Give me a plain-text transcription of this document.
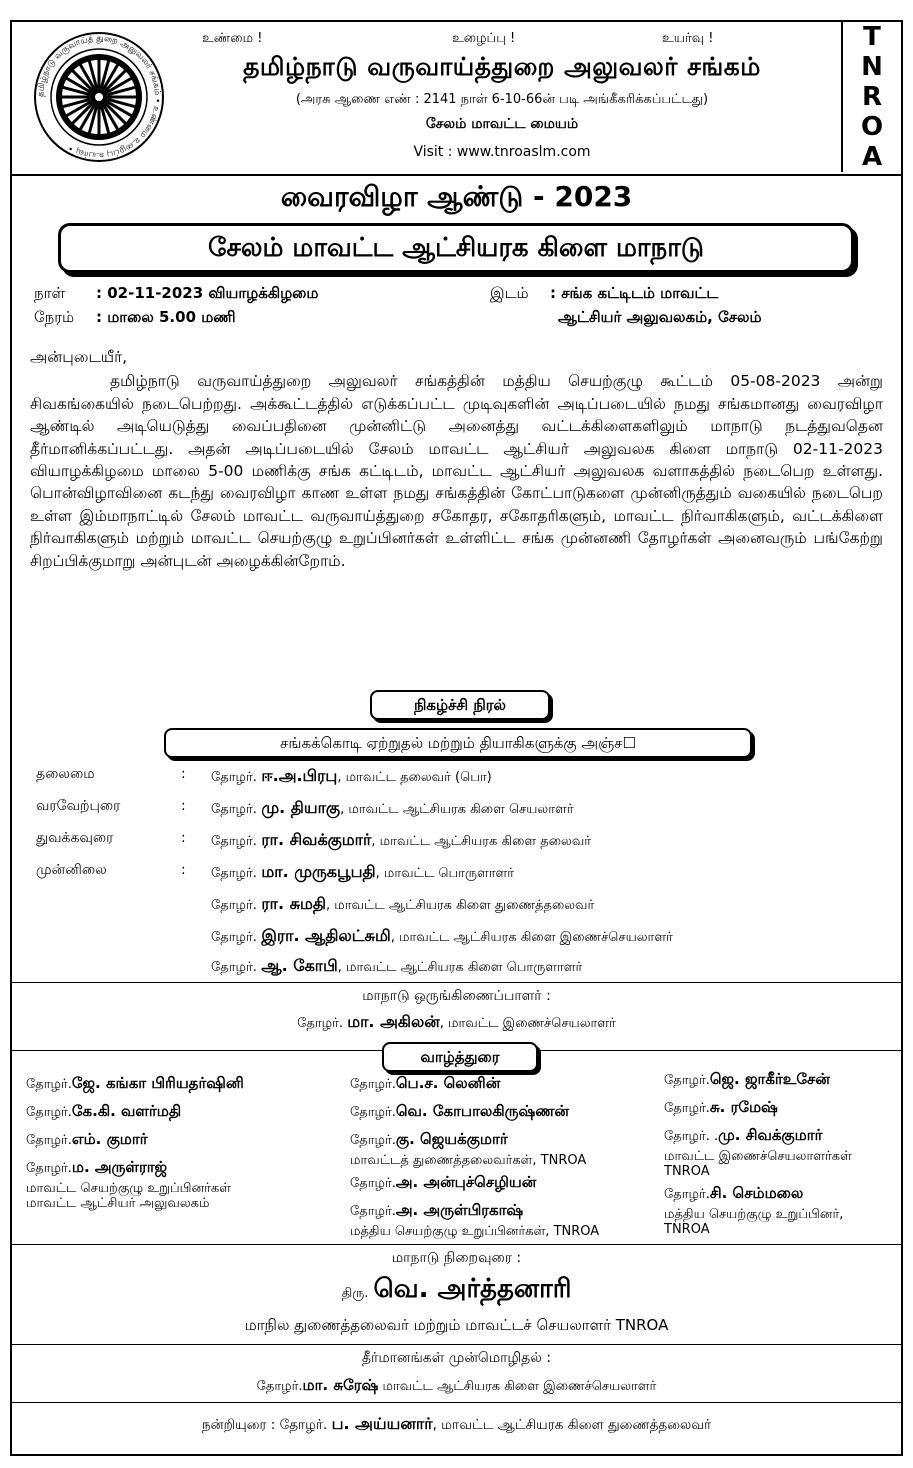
தமிழ்நாடு வருவாய்த் துறை அலுவலர் சங்கம் • உண்மை உழைப்பு உயர்வு •
உண்மை !	உழைப்பு !	உயர்வு !
தமிழ்நாடு வருவாய்த்துறை அலுவலர் சங்கம்
(அரசு ஆணை எண் : 2141 நாள் 6-10-66ன் படி அங்கீகரிக்கப்பட்டது)
சேலம் மாவட்ட மையம்
Visit : www.tnroaslm.com
T
N
R
O
A
வைரவிழா ஆண்டு - 2023
சேலம் மாவட்ட ஆட்சியரக கிளை மாநாடு
நாள் : 02-11-2023 வியாழக்கிழமை
நேரம் : மாலை 5.00 மணி
இடம் : சங்க கட்டிடம் மாவட்ட
ஆட்சியர் அலுவலகம், சேலம்
அன்புடையீர்,

தமிழ்நாடு வருவாய்த்துறை அலுவலர் சங்கத்தின் மத்திய செயற்குழு கூட்டம் 05-08-2023 அன்று சிவகங்கையில் நடைபெற்றது. அக்கூட்டத்தில் எடுக்கப்பட்ட முடிவுகளின் அடிப்படையில் நமது சங்கமானது வைரவிழா ஆண்டில் அடியெடுத்து வைப்பதினை முன்னிட்டு அனைத்து வட்டக்கிளைகளிலும் மாநாடு நடத்துவதென தீர்மானிக்கப்பட்டது. அதன் அடிப்படையில் சேலம் மாவட்ட ஆட்சியர் அலுவலக கிளை மாநாடு 02-11-2023 வியாழக்கிழமை மாலை 5-00 மணிக்கு சங்க கட்டிடம், மாவட்ட ஆட்சியர் அலுவலக வளாகத்தில் நடைபெற உள்ளது. பொன்விழாவினை கடந்து வைரவிழா காண உள்ள நமது சங்கத்தின் கோட்பாடுகளை முன்னிருத்தும் வகையில் நடைபெற உள்ள இம்மாநாட்டில் சேலம் மாவட்ட வருவாய்த்துறை சகோதர, சகோதரிகளும், மாவட்ட நிர்வாகிகளும், வட்டக்கிளை நிர்வாகிகளும் மற்றும் மாவட்ட செயற்குழு உறுப்பினர்கள் உள்ளிட்ட சங்க முன்னணி தோழர்கள் அனைவரும் பங்கேற்று சிறப்பிக்குமாறு அன்புடன் அழைக்கின்றோம்.

நிகழ்ச்சி நிரல்
சங்கக்கொடி ஏற்றுதல் மற்றும் தியாகிகளுக்கு அஞ்ச☐
தலைமை	: தோழர். ஈ.அ.பிரபு, மாவட்ட தலைவர் (பொ)
வரவேற்புரை	: தோழர். மு. தியாகு, மாவட்ட ஆட்சியரக கிளை செயலாளர்
துவக்கவுரை	: தோழர். ரா. சிவக்குமார், மாவட்ட ஆட்சியரக கிளை தலைவர்
முன்னிலை	: தோழர். மா. முருகபூபதி, மாவட்ட பொருளாளர்
தோழர். ரா. சுமதி, மாவட்ட ஆட்சியரக கிளை துணைத்தலைவர்
தோழர். இரா. ஆதிலட்சுமி, மாவட்ட ஆட்சியரக கிளை இணைச்செயலாளர்
தோழர். ஆ. கோபி, மாவட்ட ஆட்சியரக கிளை பொருளாளர்
மாநாடு ஒருங்கிணைப்பாளர் :
தோழர். மா. அகிலன், மாவட்ட இணைச்செயலாளர்
வாழ்த்துரை
தோழர்.ஜே. கங்கா பிரியதர்ஷினி
தோழர்.கே.கி. வளர்மதி
தோழர்.எம். குமார்
தோழர்.ம. அருள்ராஜ்
மாவட்ட செயற்குழு உறுப்பினர்கள்
மாவட்ட ஆட்சியர் அலுவலகம்
தோழர்.பெ.ச. லெனின்
தோழர்.வெ. கோபாலகிருஷ்ணன்
தோழர்.கு. ஜெயக்குமார்
மாவட்டத் துணைத்தலைவர்கள், TNROA
தோழர்.அ. அன்புச்செழியன்
தோழர்.அ. அருள்பிரகாஷ்
மத்திய செயற்குழு உறுப்பினர்கள், TNROA
தோழர்.ஜெ. ஜாகீர்உசேன்
தோழர்.சு. ரமேஷ்
தோழர். .மு. சிவக்குமார்
மாவட்ட இணைச்செயலாளர்கள்
TNROA
தோழர்.சி. செம்மலை
மத்திய செயற்குழு உறுப்பினர்,
TNROA
மாநாடு நிறைவுரை :
திரு. வெ. அர்த்தனாரி
மாநில துணைத்தலைவர் மற்றும் மாவட்டச் செயலாளர் TNROA
தீர்மானங்கள் முன்மொழிதல் :
தோழர்.மா. சுரேஷ் மாவட்ட ஆட்சியரக கிளை இணைச்செயலாளர்
நன்றியுரை : தோழர். ப. அய்யனார், மாவட்ட ஆட்சியரக கிளை துணைத்தலைவர்
